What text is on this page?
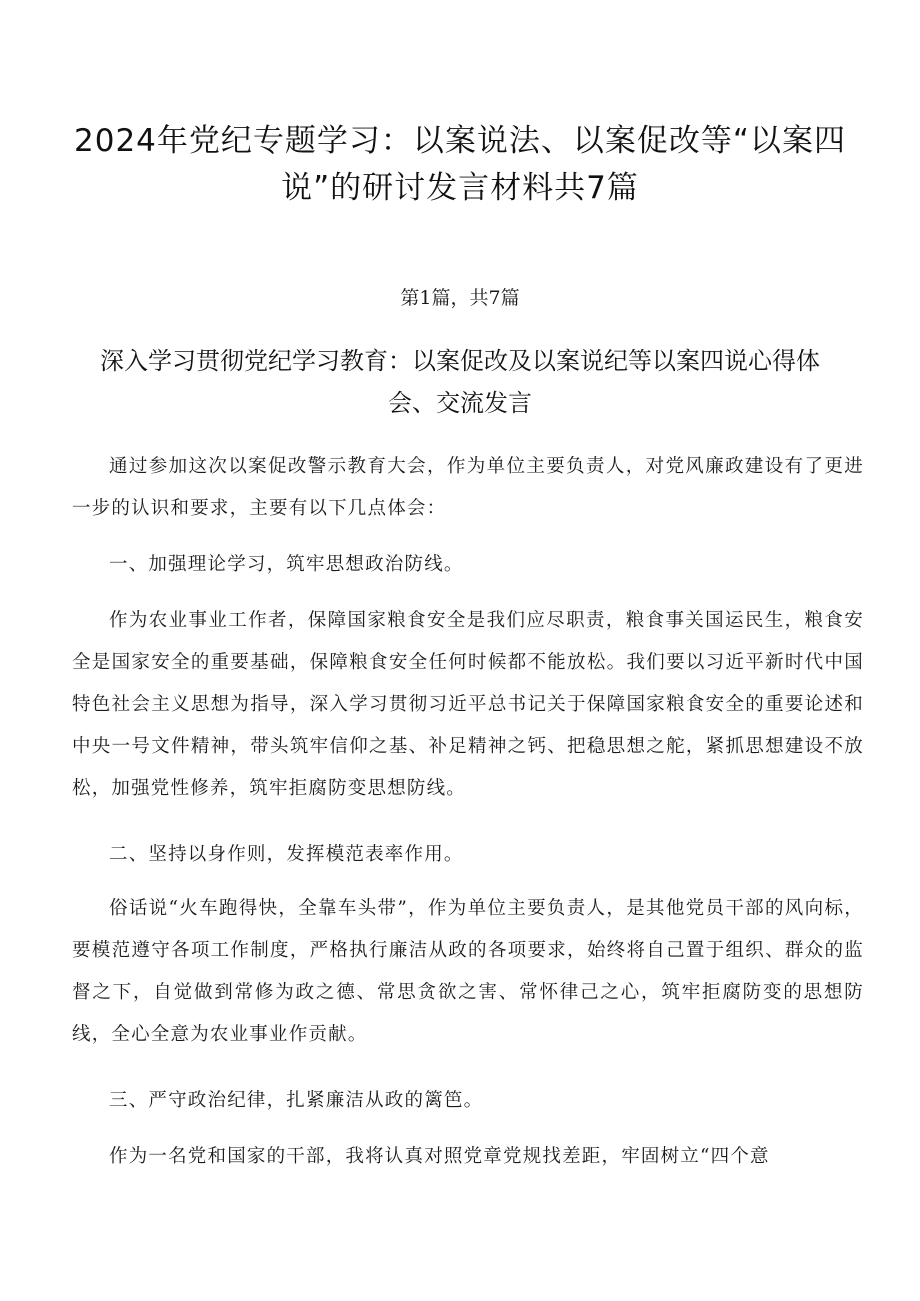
2024年党纪专题学习：以案说法、以案促改等“以案四说”的研讨发言材料共7篇

第1篇，共7篇

深入学习贯彻党纪学习教育：以案促改及以案说纪等以案四说心得体会、交流发言

通过参加这次以案促改警示教育大会，作为单位主要负责人，对党风廉政建设有了更进一步的认识和要求，主要有以下几点体会：

一、加强理论学习，筑牢思想政治防线。

作为农业事业工作者，保障国家粮食安全是我们应尽职责，粮食事关国运民生，粮食安全是国家安全的重要基础，保障粮食安全任何时候都不能放松。我们要以习近平新时代中国特色社会主义思想为指导，深入学习贯彻习近平总书记关于保障国家粮食安全的重要论述和中央一号文件精神，带头筑牢信仰之基、补足精神之钙、把稳思想之舵，紧抓思想建设不放松，加强党性修养，筑牢拒腐防变思想防线。

二、坚持以身作则，发挥模范表率作用。

俗话说“火车跑得快，全靠车头带”，作为单位主要负责人，是其他党员干部的风向标，要模范遵守各项工作制度，严格执行廉洁从政的各项要求，始终将自己置于组织、群众的监督之下，自觉做到常修为政之德、常思贪欲之害、常怀律己之心，筑牢拒腐防变的思想防线，全心全意为农业事业作贡献。

三、严守政治纪律，扎紧廉洁从政的篱笆。

作为一名党和国家的干部，我将认真对照党章党规找差距，牢固树立“四个意
